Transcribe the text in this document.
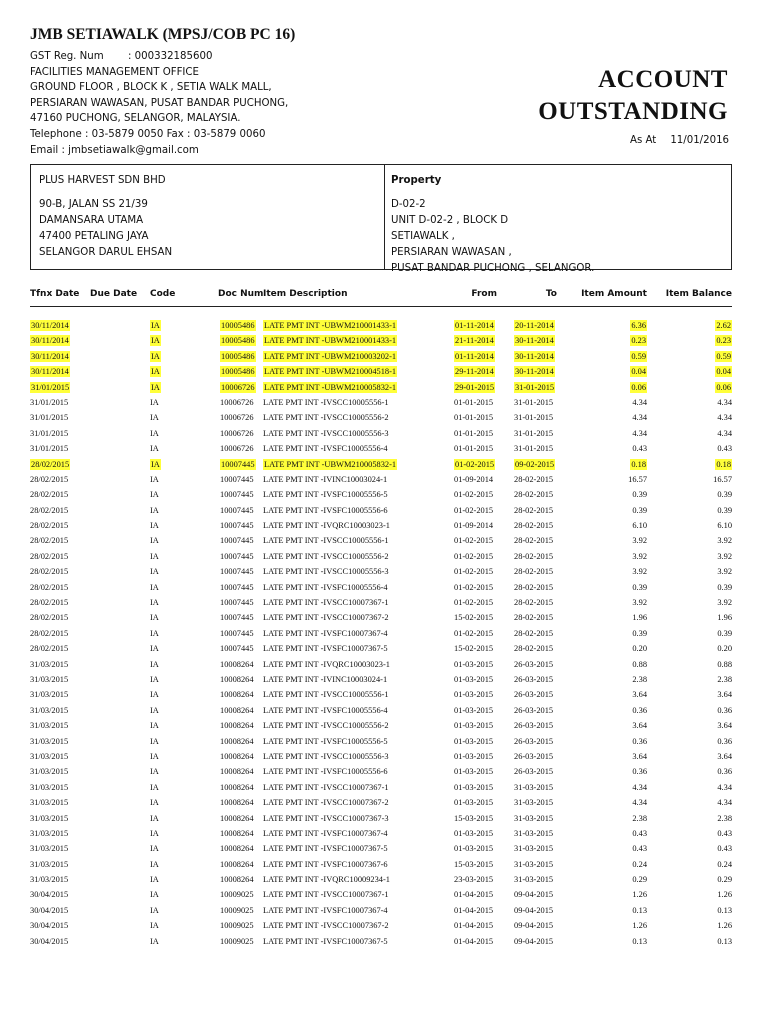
JMB SETIAWALK (MPSJ/COB PC 16)
GST Reg. Num : 000332185600
FACILITIES MANAGEMENT OFFICE
GROUND FLOOR , BLOCK K , SETIA WALK MALL,
PERSIARAN WAWASAN, PUSAT BANDAR PUCHONG,
47160 PUCHONG, SELANGOR, MALAYSIA.
Telephone : 03-5879 0050 Fax : 03-5879 0060
Email : jmbsetiawalk@gmail.com
ACCOUNT
OUTSTANDING
As At 11/01/2016
PLUS HARVEST SDN BHD
90-B, JALAN SS 21/39
DAMANSARA UTAMA
47400 PETALING JAYA
SELANGOR DARUL EHSAN
Property
D-02-2
UNIT D-02-2 , BLOCK D
SETIAWALK ,
PERSIARAN WAWASAN ,
PUSAT BANDAR PUCHONG , SELANGOR.
Tfnx Date Due Date Code	Doc Num Item Description	From	To	Item Amount Item Balance
30/11/2014	IA	10005486 LATE PMT INT -UBWM210001433-1	01-11-2014	20-11-2014	6.36	2.62
30/11/2014	IA	10005486 LATE PMT INT -UBWM210001433-1	21-11-2014	30-11-2014	0.23	0.23
30/11/2014	IA	10005486 LATE PMT INT -UBWM210003202-1	01-11-2014	30-11-2014	0.59	0.59
30/11/2014	IA	10005486 LATE PMT INT -UBWM210004518-1	29-11-2014	30-11-2014	0.04	0.04
31/01/2015	IA	10006726 LATE PMT INT -UBWM210005832-1	29-01-2015 31-01-2015	0.06	0.06
31/01/2015	IA	10006726 LATE PMT INT -IVSCC10005556-1	01-01-2015 31-01-2015	4.34	4.34
31/01/2015	IA	10006726 LATE PMT INT -IVSCC10005556-2	01-01-2015 31-01-2015	4.34	4.34
31/01/2015	IA	10006726 LATE PMT INT -IVSCC10005556-3	01-01-2015 31-01-2015	4.34	4.34
31/01/2015	IA	10006726 LATE PMT INT -IVSFC10005556-4	01-01-2015 31-01-2015	0.43	0.43
28/02/2015	IA	10007445 LATE PMT INT -UBWM210005832-1	01-02-2015 09-02-2015	0.18	0.18
28/02/2015	IA	10007445 LATE PMT INT -IVINC10003024-1	01-09-2014 28-02-2015	16.57	16.57
28/02/2015	IA	10007445 LATE PMT INT -IVSFC10005556-5	01-02-2015 28-02-2015	0.39	0.39
28/02/2015	IA	10007445 LATE PMT INT -IVSFC10005556-6	01-02-2015 28-02-2015	0.39	0.39
28/02/2015	IA	10007445 LATE PMT INT -IVQRC10003023-1	01-09-2014 28-02-2015	6.10	6.10
28/02/2015	IA	10007445 LATE PMT INT -IVSCC10005556-1	01-02-2015 28-02-2015	3.92	3.92
28/02/2015	IA	10007445 LATE PMT INT -IVSCC10005556-2	01-02-2015 28-02-2015	3.92	3.92
28/02/2015	IA	10007445 LATE PMT INT -IVSCC10005556-3	01-02-2015 28-02-2015	3.92	3.92
28/02/2015	IA	10007445 LATE PMT INT -IVSFC10005556-4	01-02-2015 28-02-2015	0.39	0.39
28/02/2015	IA	10007445 LATE PMT INT -IVSCC10007367-1	01-02-2015 28-02-2015	3.92	3.92
28/02/2015	IA	10007445 LATE PMT INT -IVSCC10007367-2	15-02-2015 28-02-2015	1.96	1.96
28/02/2015	IA	10007445 LATE PMT INT -IVSFC10007367-4	01-02-2015 28-02-2015	0.39	0.39
28/02/2015	IA	10007445 LATE PMT INT -IVSFC10007367-5	15-02-2015 28-02-2015	0.20	0.20
31/03/2015	IA	10008264 LATE PMT INT -IVQRC10003023-1	01-03-2015 26-03-2015	0.88	0.88
31/03/2015	IA	10008264 LATE PMT INT -IVINC10003024-1	01-03-2015 26-03-2015	2.38	2.38
31/03/2015	IA	10008264 LATE PMT INT -IVSCC10005556-1	01-03-2015 26-03-2015	3.64	3.64
31/03/2015	IA	10008264 LATE PMT INT -IVSFC10005556-4	01-03-2015 26-03-2015	0.36	0.36
31/03/2015	IA	10008264 LATE PMT INT -IVSCC10005556-2	01-03-2015 26-03-2015	3.64	3.64
31/03/2015	IA	10008264 LATE PMT INT -IVSFC10005556-5	01-03-2015 26-03-2015	0.36	0.36
31/03/2015	IA	10008264 LATE PMT INT -IVSCC10005556-3	01-03-2015 26-03-2015	3.64	3.64
31/03/2015	IA	10008264 LATE PMT INT -IVSFC10005556-6	01-03-2015 26-03-2015	0.36	0.36
31/03/2015	IA	10008264 LATE PMT INT -IVSCC10007367-1	01-03-2015 31-03-2015	4.34	4.34
31/03/2015	IA	10008264 LATE PMT INT -IVSCC10007367-2	01-03-2015 31-03-2015	4.34	4.34
31/03/2015	IA	10008264 LATE PMT INT -IVSCC10007367-3	15-03-2015 31-03-2015	2.38	2.38
31/03/2015	IA	10008264 LATE PMT INT -IVSFC10007367-4	01-03-2015 31-03-2015	0.43	0.43
31/03/2015	IA	10008264 LATE PMT INT -IVSFC10007367-5	01-03-2015 31-03-2015	0.43	0.43
31/03/2015	IA	10008264 LATE PMT INT -IVSFC10007367-6	15-03-2015 31-03-2015	0.24	0.24
31/03/2015	IA	10008264 LATE PMT INT -IVQRC10009234-1	23-03-2015 31-03-2015	0.29	0.29
30/04/2015	IA	10009025 LATE PMT INT -IVSCC10007367-1	01-04-2015 09-04-2015	1.26	1.26
30/04/2015	IA	10009025 LATE PMT INT -IVSFC10007367-4	01-04-2015 09-04-2015	0.13	0.13
30/04/2015	IA	10009025 LATE PMT INT -IVSCC10007367-2	01-04-2015 09-04-2015	1.26	1.26
30/04/2015	IA	10009025 LATE PMT INT -IVSFC10007367-5	01-04-2015 09-04-2015	0.13	0.13
